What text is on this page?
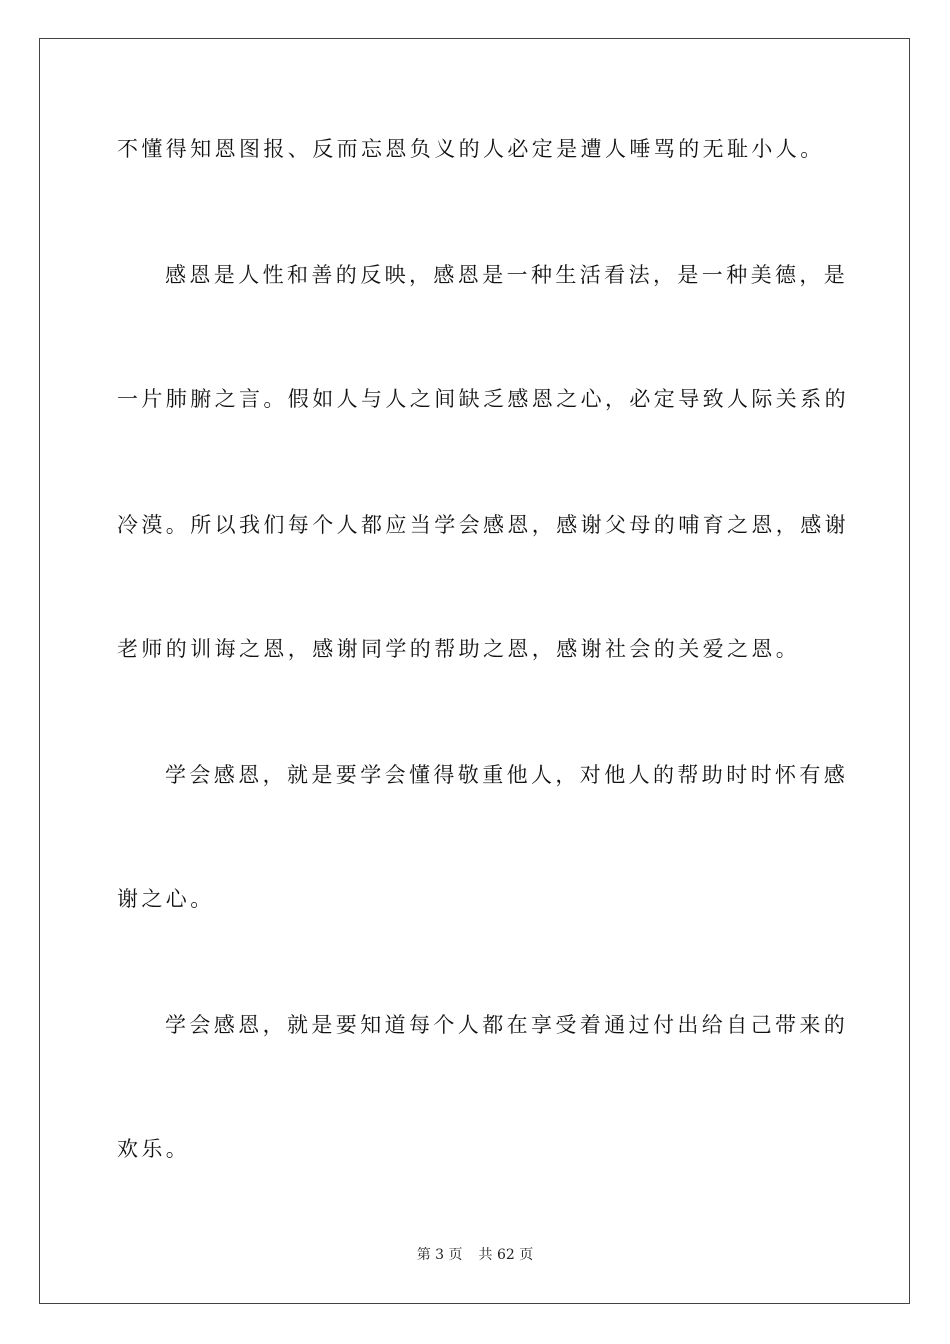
不懂得知恩图报、反而忘恩负义的人必定是遭人唾骂的无耻小人。
感恩是人性和善的反映，感恩是一种生活看法，是一种美德，是
一片肺腑之言。假如人与人之间缺乏感恩之心，必定导致人际关系的
冷漠。所以我们每个人都应当学会感恩，感谢父母的哺育之恩，感谢
老师的训诲之恩，感谢同学的帮助之恩，感谢社会的关爱之恩。
学会感恩，就是要学会懂得敬重他人，对他人的帮助时时怀有感
谢之心。
学会感恩，就是要知道每个人都在享受着通过付出给自己带来的
欢乐。
第 3 页 共 62 页
